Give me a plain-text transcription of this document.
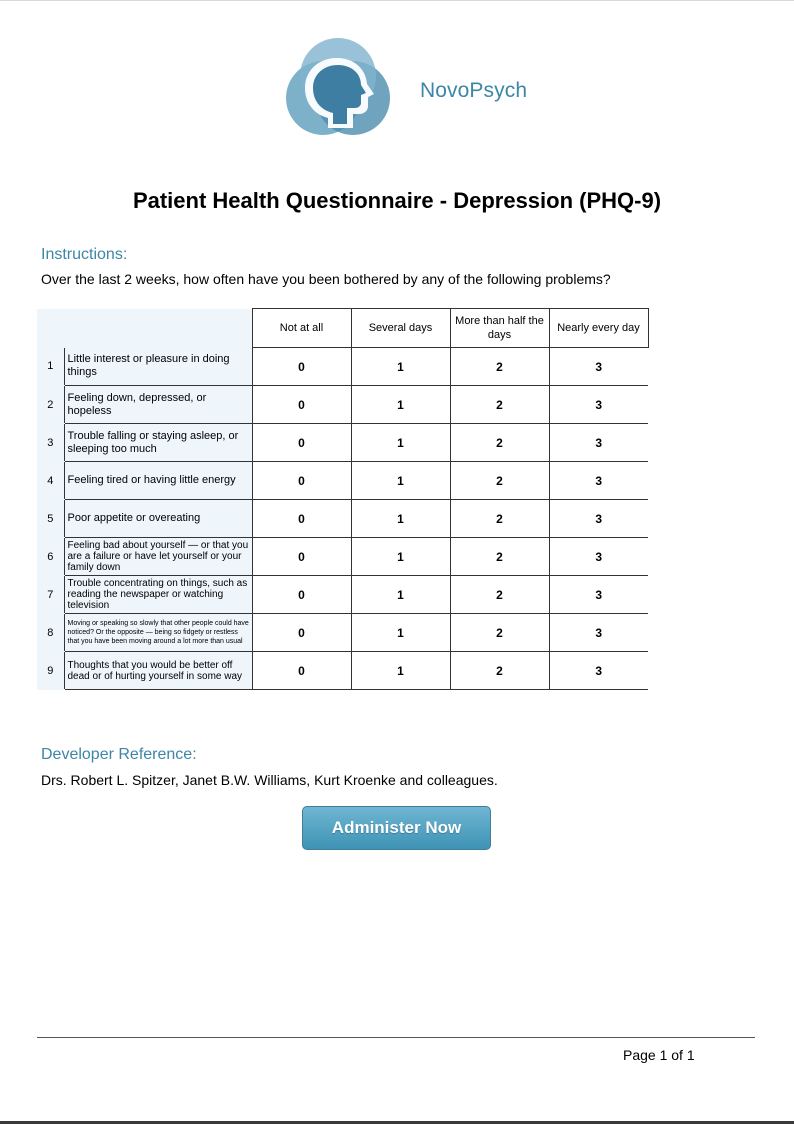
NovoPsych
Patient Health Questionnaire - Depression (PHQ-9)
Instructions:
Over the last 2 weeks, how often have you been bothered by any of the following problems?
		Not at all	Several days	More than half the days	Nearly every day
1	Little interest or pleasure in doing things	0	1	2	3
2	Feeling down, depressed, or hopeless	0	1	2	3
3	Trouble falling or staying asleep, or sleeping too much	0	1	2	3
4	Feeling tired or having little energy	0	1	2	3
5	Poor appetite or overeating	0	1	2	3
6	Feeling bad about yourself — or that you are a failure or have let yourself or your family down	0	1	2	3
7	Trouble concentrating on things, such as reading the newspaper or watching television	0	1	2	3
8	Moving or speaking so slowly that other people could have noticed? Or the opposite — being so fidgety or restless that you have been moving around a lot more than usual	0	1	2	3
9	Thoughts that you would be better off dead or of hurting yourself in some way	0	1	2	3
Developer Reference:
Drs. Robert L. Spitzer, Janet B.W. Williams, Kurt Kroenke and colleagues.
Administer Now
Page 1 of 1
